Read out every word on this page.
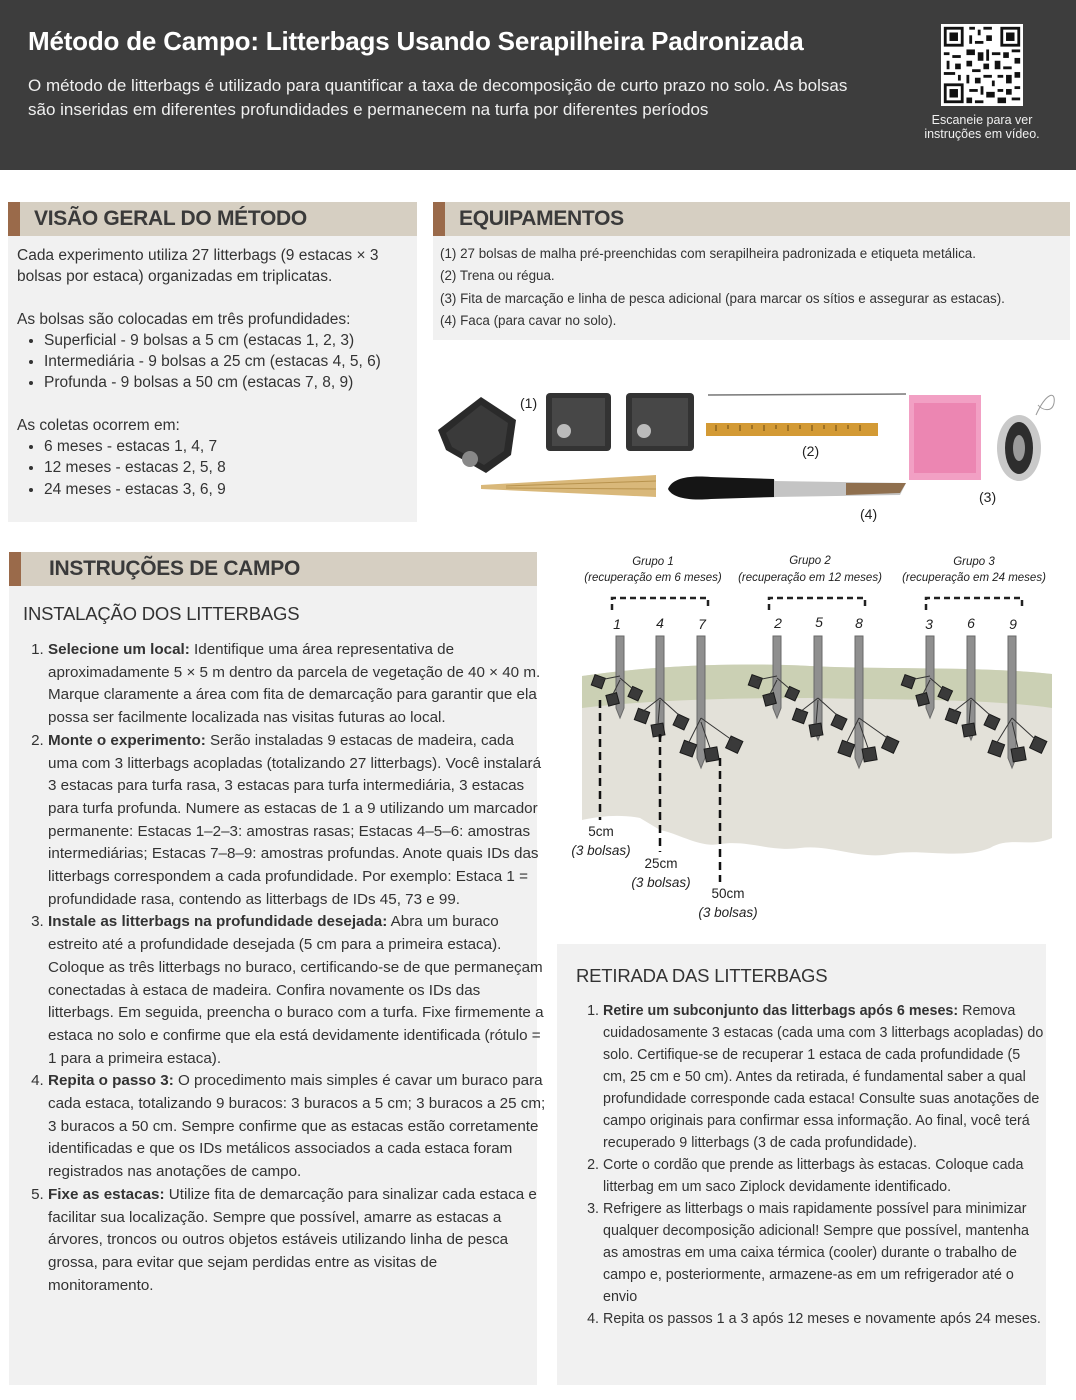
Método de Campo: Litterbags Usando Serapilheira Padronizada

O método de litterbags é utilizado para quantificar a taxa de decomposição de curto prazo no solo. As bolsas são inseridas em diferentes profundidades e permanecem na turfa por diferentes períodos

Escaneie para ver instruções em vídeo.
VISÃO GERAL DO MÉTODO

Cada experimento utiliza 27 litterbags (9 estacas × 3 bolsas por estaca) organizadas em triplicatas.

As bolsas são colocadas em três profundidades:

• Superficial - 9 bolsas a 5 cm (estacas 1, 2, 3)
• Intermediária - 9 bolsas a 25 cm (estacas 4, 5, 6)
• Profunda - 9 bolsas a 50 cm (estacas 7, 8, 9)

As coletas ocorrem em:

• 6 meses - estacas 1, 4, 7
• 12 meses - estacas 2, 5, 8
• 24 meses - estacas 3, 6, 9
EQUIPAMENTOS
(1) 27 bolsas de malha pré-preenchidas com serapilheira padronizada e etiqueta metálica.
(2) Trena ou régua.
(3) Fita de marcação e linha de pesca adicional (para marcar os sítios e assegurar as estacas).
(4) Faca (para cavar no solo).
(1)
(2)
(3)
(4)
INSTRUÇÕES DE CAMPO
INSTALAÇÃO DOS LITTERBAGS
1. Selecione um local: Identifique uma área representativa de aproximadamente 5 × 5 m dentro da parcela de vegetação de 40 × 40 m. Marque claramente a área com fita de demarcação para garantir que ela possa ser facilmente localizada nas visitas futuras ao local.
2. Monte o experimento: Serão instaladas 9 estacas de madeira, cada uma com 3 litterbags acopladas (totalizando 27 litterbags). Você instalará 3 estacas para turfa rasa, 3 estacas para turfa intermediária, 3 estacas para turfa profunda. Numere as estacas de 1 a 9 utilizando um marcador permanente: Estacas 1–2–3: amostras rasas; Estacas 4–5–6: amostras intermediárias; Estacas 7–8–9: amostras profundas. Anote quais IDs das litterbags correspondem a cada profundidade. Por exemplo: Estaca 1 = profundidade rasa, contendo as litterbags de IDs 45, 73 e 99.
3. Instale as litterbags na profundidade desejada: Abra um buraco estreito até a profundidade desejada (5 cm para a primeira estaca). Coloque as três litterbags no buraco, certificando-se de que permaneçam conectadas à estaca de madeira. Confira novamente os IDs das litterbags. Em seguida, preencha o buraco com a turfa. Fixe firmemente a estaca no solo e confirme que ela está devidamente identificada (rótulo = 1 para a primeira estaca).
4. Repita o passo 3: O procedimento mais simples é cavar um buraco para cada estaca, totalizando 9 buracos: 3 buracos a 5 cm; 3 buracos a 25 cm; 3 buracos a 50 cm. Sempre confirme que as estacas estão corretamente identificadas e que os IDs metálicos associados a cada estaca foram registrados nas anotações de campo.
5. Fixe as estacas: Utilize fita de demarcação para sinalizar cada estaca e facilitar sua localização. Sempre que possível, amarre as estacas a árvores, troncos ou outros objetos estáveis utilizando linha de pesca grossa, para evitar que sejam perdidas entre as visitas de monitoramento.
Grupo 1
(recuperação em 6 meses)
Grupo 2
(recuperação em 12 meses)
Grupo 3
(recuperação em 24 meses)
1	4 7	2 5 8	3 6 9
5cm
(3 bolsas)
25cm
(3 bolsas)
50cm
(3 bolsas)
RETIRADA DAS LITTERBAGS
1. Retire um subconjunto das litterbags após 6 meses: Remova cuidadosamente 3 estacas (cada uma com 3 litterbags acopladas) do solo. Certifique-se de recuperar 1 estaca de cada profundidade (5 cm, 25 cm e 50 cm). Antes da retirada, é fundamental saber a qual profundidade corresponde cada estaca! Consulte suas anotações de campo originais para confirmar essa informação. Ao final, você terá recuperado 9 litterbags (3 de cada profundidade).
2. Corte o cordão que prende as litterbags às estacas. Coloque cada litterbag em um saco Ziplock devidamente identificado.
3. Refrigere as litterbags o mais rapidamente possível para minimizar qualquer decomposição adicional! Sempre que possível, mantenha as amostras em uma caixa térmica (cooler) durante o trabalho de campo e, posteriormente, armazene-as em um refrigerador até o envio
4. Repita os passos 1 a 3 após 12 meses e novamente após 24 meses.
